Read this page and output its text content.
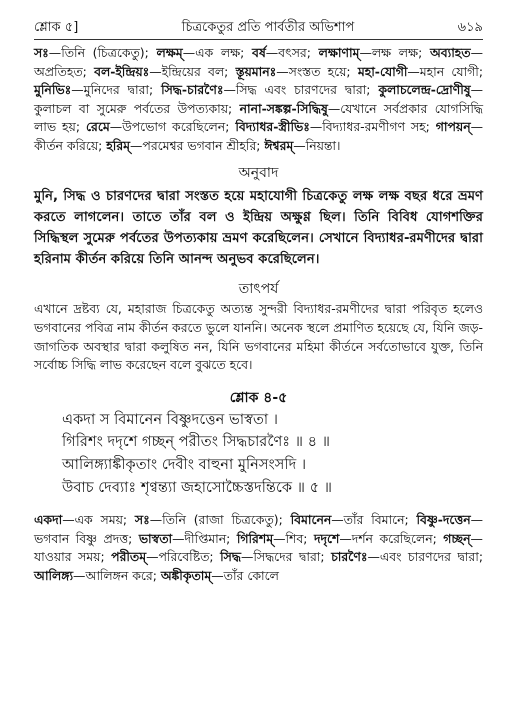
শ্লোক ৫]	চিত্রকেতুর প্রতি পার্বতীর অভিশাপ	৬১৯

সঃ—তিনি (চিত্রকেতু); লক্ষম্—এক লক্ষ; বর্ষ—বৎসর; লক্ষাণাম্—লক্ষ লক্ষ; অব্যাহত—অপ্রতিহত; বল-ইন্দ্রিয়ঃ—ইন্দ্রিয়ের বল; স্তূয়মানঃ—সংস্তত হয়ে; মহা-যোগী—মহান যোগী; মুনিভিঃ—মুনিদের দ্বারা; সিদ্ধ-চারণৈঃ—সিদ্ধ এবং চারণদের দ্বারা; কুলাচলেন্দ্র-দ্রোণীষু—কুলাচল বা সুমেরু পর্বতের উপত্যকায়; নানা-সঙ্কল্প-সিদ্ধিষু—যেখানে সর্বপ্রকার যোগসিদ্ধি লাভ হয়; রেমে—উপভোগ করেছিলেন; বিদ্যাধর-স্ত্রীভিঃ—বিদ্যাধর-রমণীগণ সহ; গাপয়ন্—কীর্তন করিয়ে; হরিম্—পরমেশ্বর ভগবান শ্রীহরি; ঈশ্বরম্—নিয়ন্তা।

অনুবাদ

মুনি, সিদ্ধ ও চারণদের দ্বারা সংস্তত হয়ে মহাযোগী চিত্রকেতু লক্ষ লক্ষ বছর ধরে ভ্রমণ করতে লাগলেন। তাতে তাঁর বল ও ইন্দ্রিয় অক্ষুণ্ণ ছিল। তিনি বিবিধ যোগশক্তির সিদ্ধিস্থল সুমেরু পর্বতের উপত্যকায় ভ্রমণ করেছিলেন। সেখানে বিদ্যাধর-রমণীদের দ্বারা হরিনাম কীর্তন করিয়ে তিনি আনন্দ অনুভব করেছিলেন।

তাৎপর্য

এখানে দ্রষ্টব্য যে, মহারাজ চিত্রকেতু অত্যন্ত সুন্দরী বিদ্যাধর-রমণীদের দ্বারা পরিবৃত হলেও ভগবানের পবিত্র নাম কীর্তন করতে ভুলে যাননি। অনেক স্থলে প্রমাণিত হয়েছে যে, যিনি জড়-জাগতিক অবস্থার দ্বারা কলুষিত নন, যিনি ভগবানের মহিমা কীর্তনে সর্বতোভাবে যুক্ত, তিনি সর্বোচ্চ সিদ্ধি লাভ করেছেন বলে বুঝতে হবে।

শ্লোক ৪-৫
একদা স বিমানেন বিষ্ণুদত্তেন ভাস্বতা ।
গিরিশং দদৃশে গচ্ছন্ পরীতং সিদ্ধচারণৈঃ ॥ ৪ ॥
আলিঙ্গ্যাঙ্কীকৃতাং দেবীং বাহুনা মুনিসংসদি ।
উবাচ দেব্যাঃ শৃণ্বন্ত্যা জহাসোচ্চৈস্তদন্তিকে ॥ ৫ ॥

একদা—এক সময়; সঃ—তিনি (রাজা চিত্রকেতু); বিমানেন—তাঁর বিমানে; বিষ্ণু-দত্তেন—ভগবান বিষ্ণু প্রদত্ত; ভাস্বতা—দীপ্তিমান; গিরিশম্—শিব; দদৃশে—দর্শন করেছিলেন; গচ্ছন্—যাওয়ার সময়; পরীতম্—পরিবেষ্টিত; সিদ্ধ—সিদ্ধদের দ্বারা; চারণৈঃ—এবং চারণদের দ্বারা; আলিঙ্গ্য—আলিঙ্গন করে; অঙ্কীকৃতাম্—তাঁর কোলে
